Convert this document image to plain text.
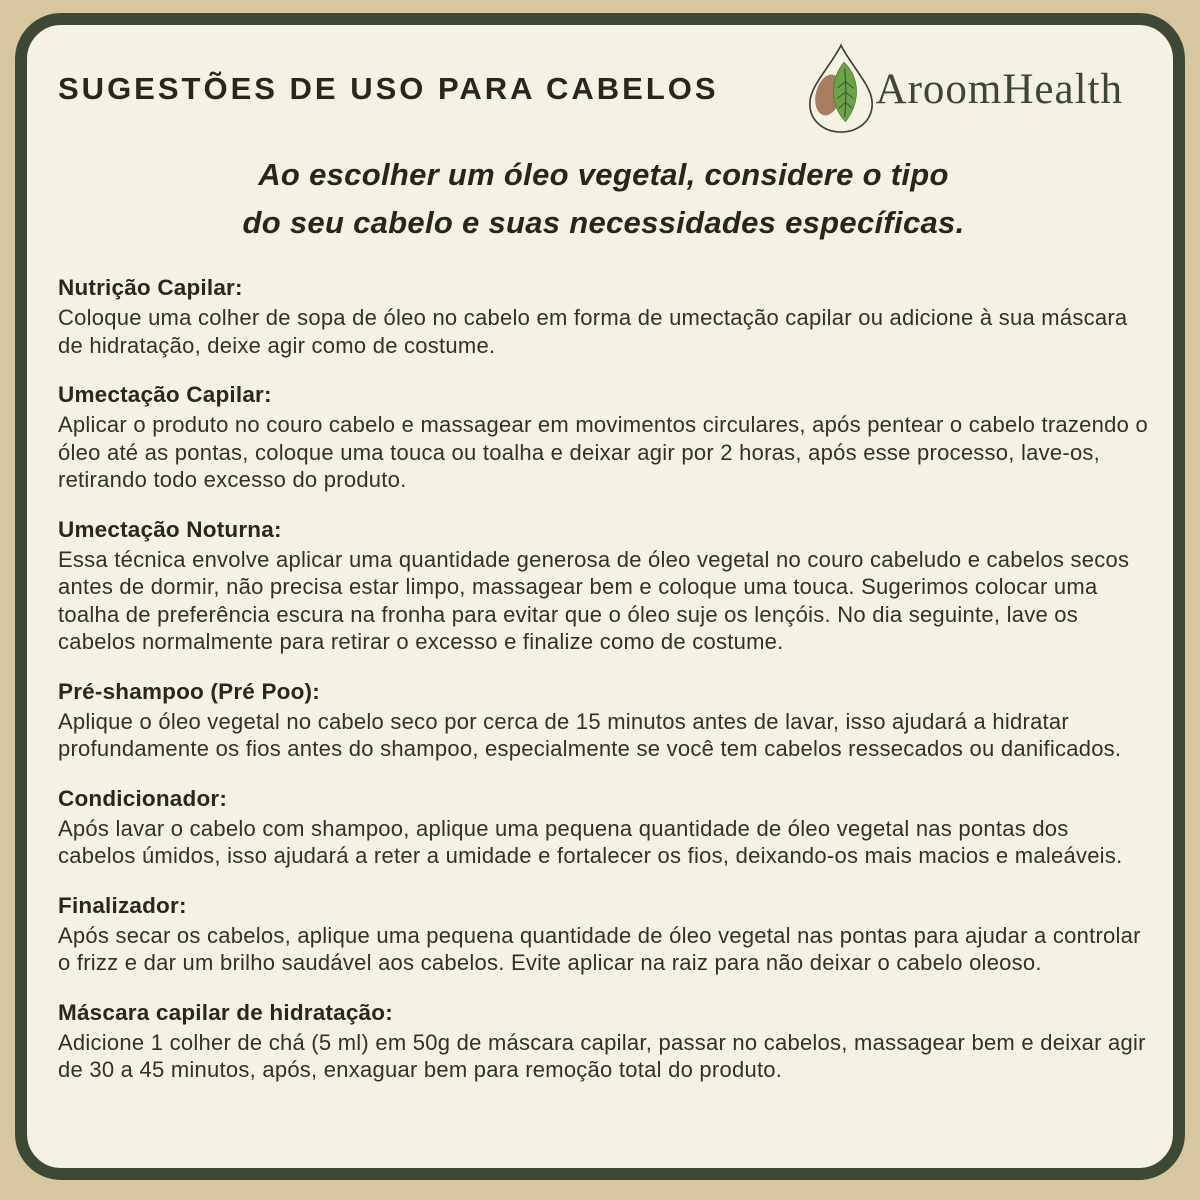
SUGESTÕES DE USO PARA CABELOS	AroomHealth
Ao escolher um óleo vegetal, considere o tipo
do seu cabelo e suas necessidades específicas.
Nutrição Capilar:

Coloque uma colher de sopa de óleo no cabelo em forma de umectação capilar ou adicione à sua máscara de hidratação, deixe agir como de costume.

Umectação Capilar:

Aplicar o produto no couro cabelo e massagear em movimentos circulares, após pentear o cabelo trazendo o óleo até as pontas, coloque uma touca ou toalha e deixar agir por 2 horas, após esse processo, lave-os, retirando todo excesso do produto.

Umectação Noturna:

Essa técnica envolve aplicar uma quantidade generosa de óleo vegetal no couro cabeludo e cabelos secos antes de dormir, não precisa estar limpo, massagear bem e coloque uma touca. Sugerimos colocar uma toalha de preferência escura na fronha para evitar que o óleo suje os lençóis. No dia seguinte, lave os cabelos normalmente para retirar o excesso e finalize como de costume.

Pré-shampoo (Pré Poo):

Aplique o óleo vegetal no cabelo seco por cerca de 15 minutos antes de lavar, isso ajudará a hidratar profundamente os fios antes do shampoo, especialmente se você tem cabelos ressecados ou danificados.

Condicionador:

Após lavar o cabelo com shampoo, aplique uma pequena quantidade de óleo vegetal nas pontas dos cabelos úmidos, isso ajudará a reter a umidade e fortalecer os fios, deixando-os mais macios e maleáveis.

Finalizador:

Após secar os cabelos, aplique uma pequena quantidade de óleo vegetal nas pontas para ajudar a controlar o frizz e dar um brilho saudável aos cabelos. Evite aplicar na raiz para não deixar o cabelo oleoso.

Máscara capilar de hidratação:

Adicione 1 colher de chá (5 ml) em 50g de máscara capilar, passar no cabelos, massagear bem e deixar agir de 30 a 45 minutos, após, enxaguar bem para remoção total do produto.
